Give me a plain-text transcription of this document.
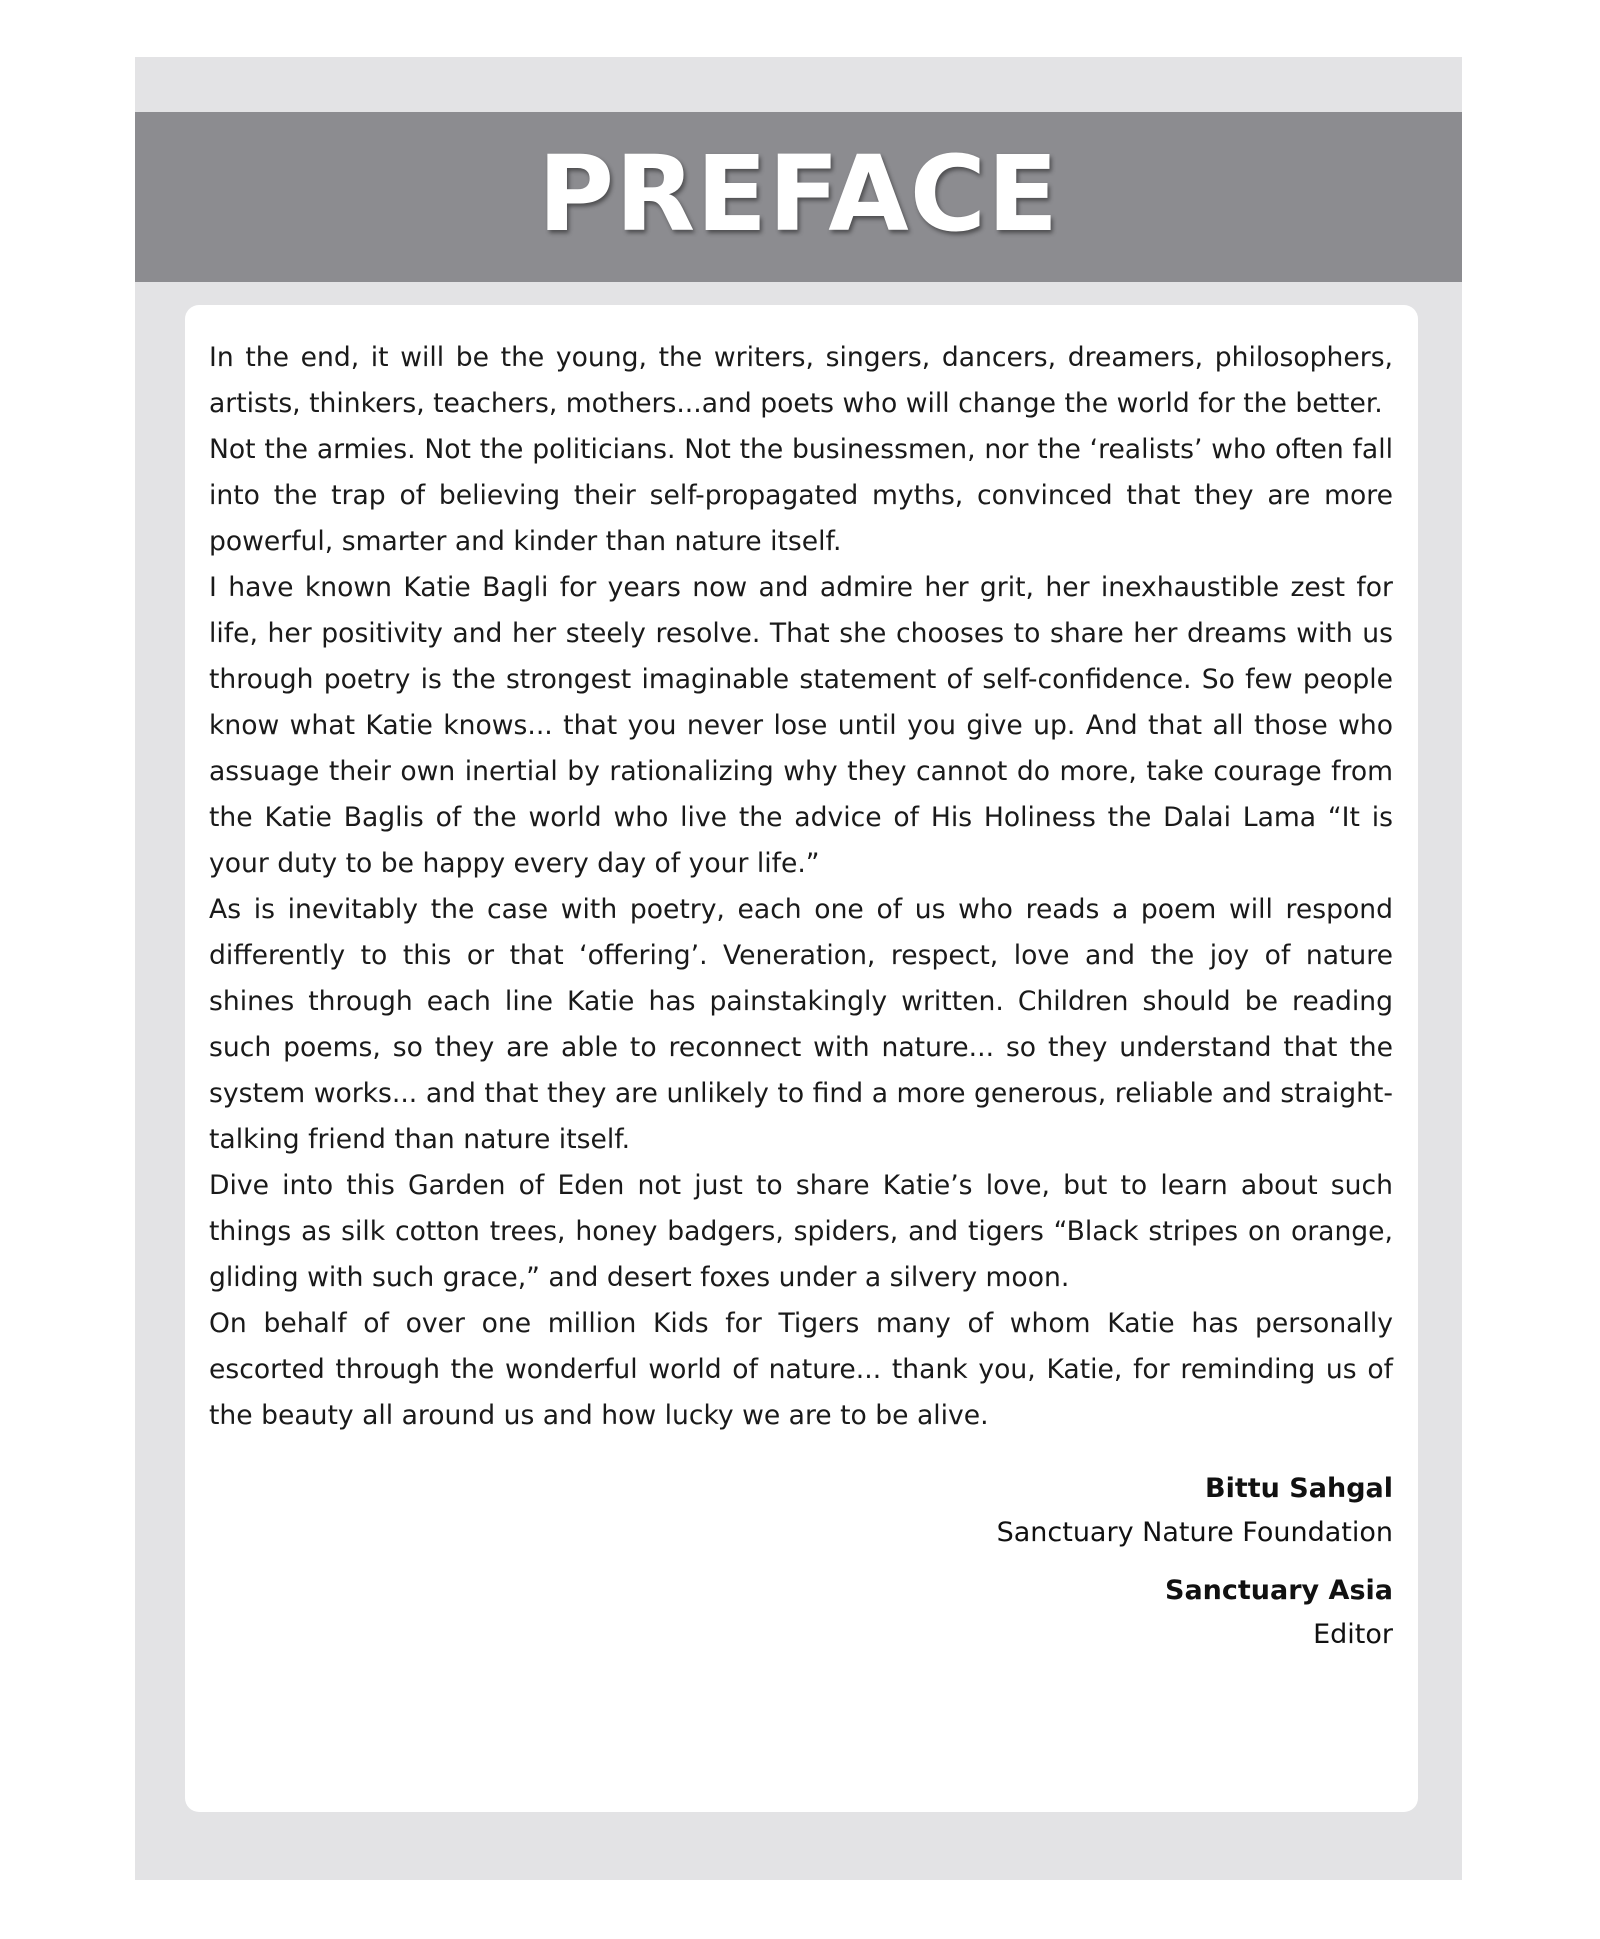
PREFACE

In the end, it will be the young, the writers, singers, dancers, dreamers, philosophers, artists, thinkers, teachers, mothers...and poets who will change the world for the better.

Not the armies. Not the politicians. Not the businessmen, nor the ‘realists’ who often fall into the trap of believing their self-propagated myths, convinced that they are more powerful, smarter and kinder than nature itself.

I have known Katie Bagli for years now and admire her grit, her inexhaustible zest for life, her positivity and her steely resolve. That she chooses to share her dreams with us through poetry is the strongest imaginable statement of self-confidence. So few people know what Katie knows... that you never lose until you give up. And that all those who assuage their own inertial by rationalizing why they cannot do more, take courage from the Katie Baglis of the world who live the advice of His Holiness the Dalai Lama “It is your duty to be happy every day of your life.”

As is inevitably the case with poetry, each one of us who reads a poem will respond differently to this or that ‘offering’. Veneration, respect, love and the joy of nature shines through each line Katie has painstakingly written. Children should be reading such poems, so they are able to reconnect with nature... so they understand that the system works... and that they are unlikely to find a more generous, reliable and straight-talking friend than nature itself.

Dive into this Garden of Eden not just to share Katie’s love, but to learn about such things as silk cotton trees, honey badgers, spiders, and tigers “Black stripes on orange, gliding with such grace,” and desert foxes under a silvery moon.

On behalf of over one million Kids for Tigers many of whom Katie has personally escorted through the wonderful world of nature... thank you, Katie, for reminding us of the beauty all around us and how lucky we are to be alive.

Bittu Sahgal
Sanctuary Nature Foundation
Sanctuary Asia
Editor
